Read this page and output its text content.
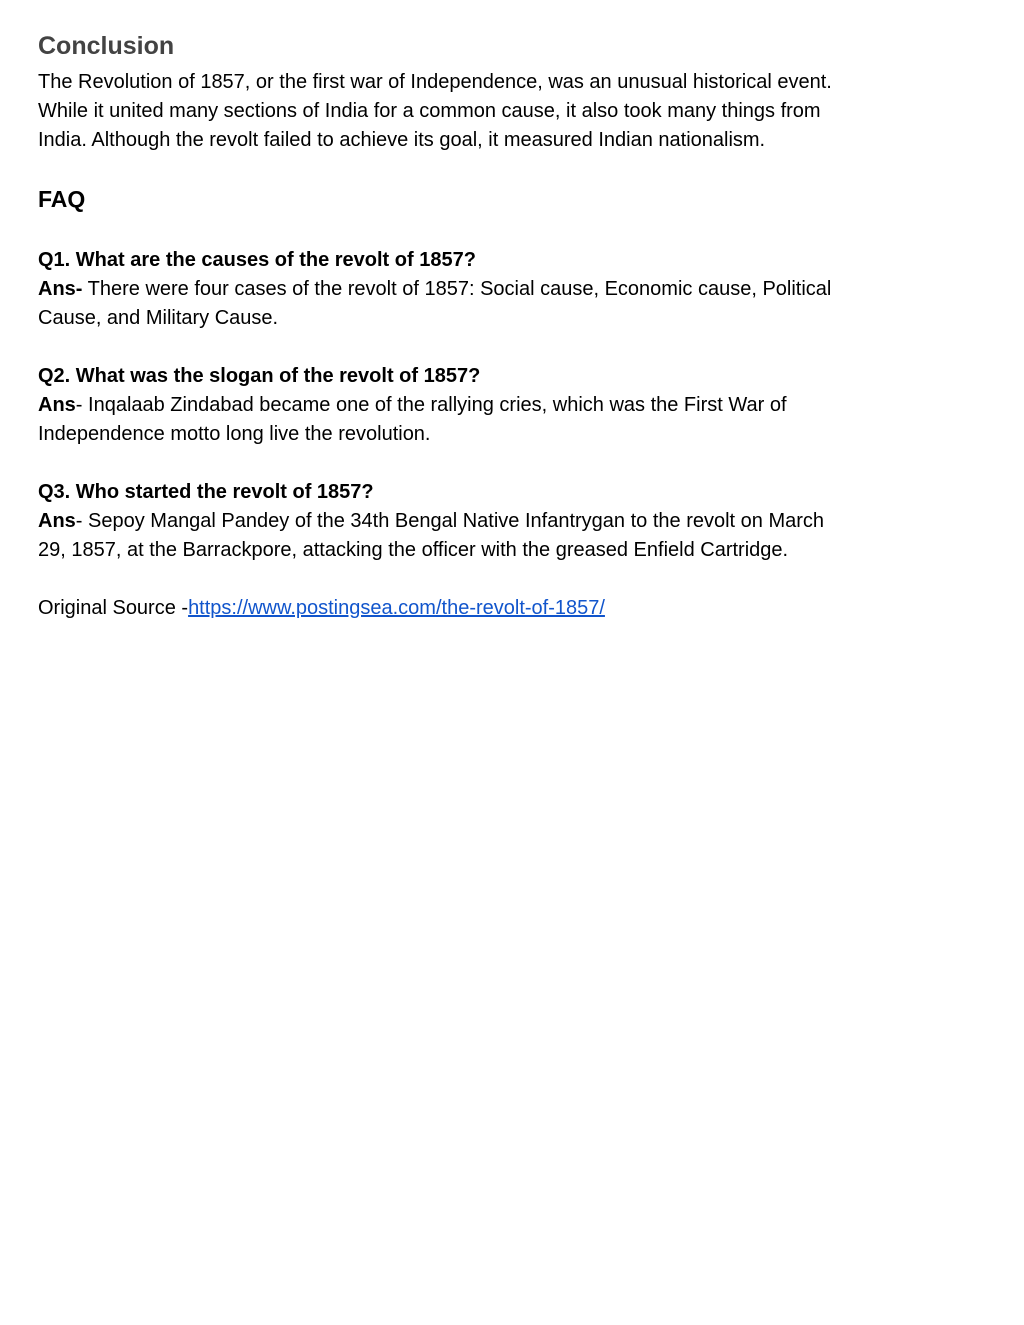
Conclusion

The Revolution of 1857, or the first war of Independence, was an unusual historical event.
While it united many sections of India for a common cause, it also took many things from
India. Although the revolt failed to achieve its goal, it measured Indian nationalism.

FAQ

Q1. What are the causes of the revolt of 1857?

Ans- There were four cases of the revolt of 1857: Social cause, Economic cause, Political
Cause, and Military Cause.

Q2. What was the slogan of the revolt of 1857?

Ans- Inqalaab Zindabad became one of the rallying cries, which was the First War of
Independence motto long live the revolution.

Q3. Who started the revolt of 1857?

Ans- Sepoy Mangal Pandey of the 34th Bengal Native Infantrygan to the revolt on March
29, 1857, at the Barrackpore, attacking the officer with the greased Enfield Cartridge.

Original Source -https://www.postingsea.com/the-revolt-of-1857/
